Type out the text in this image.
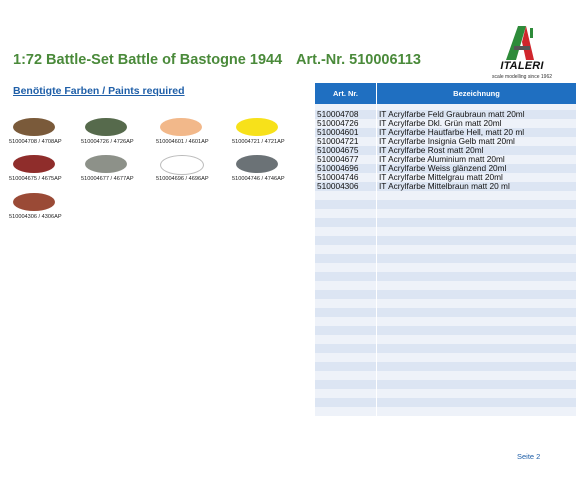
1:72 Battle-Set Battle of Bastogne 1944 Art.-Nr. 510006113	ITALERI
scale modelling since 1962
Benötigte Farben / Paints required
510004708 / 4708AP	510004726 / 4726AP	510004601 / 4601AP	510004721 / 4721AP
510004675 / 4675AP	510004677 / 4677AP	510004696 / 4696AP	510004746 / 4746AP
510004306 / 4306AP
Art. Nr.	Bezeichnung

510004708	IT Acrylfarbe Feld Graubraun matt 20ml
510004726	IT Acrylfarbe Dkl. Grün matt 20ml
510004601	IT Acrylfarbe Hautfarbe Hell, matt 20 ml
510004721	IT Acrylfarbe Insignia Gelb matt 20ml
510004675	IT Acrylfarbe Rost matt 20ml
510004677	IT Acrylfarbe Aluminium matt 20ml
510004696	IT Acrylfarbe Weiss glänzend 20ml
510004746	IT Acrylfarbe Mittelgrau matt 20ml
510004306	IT Acrylfarbe Mittelbraun matt 20 ml

Seite 2
